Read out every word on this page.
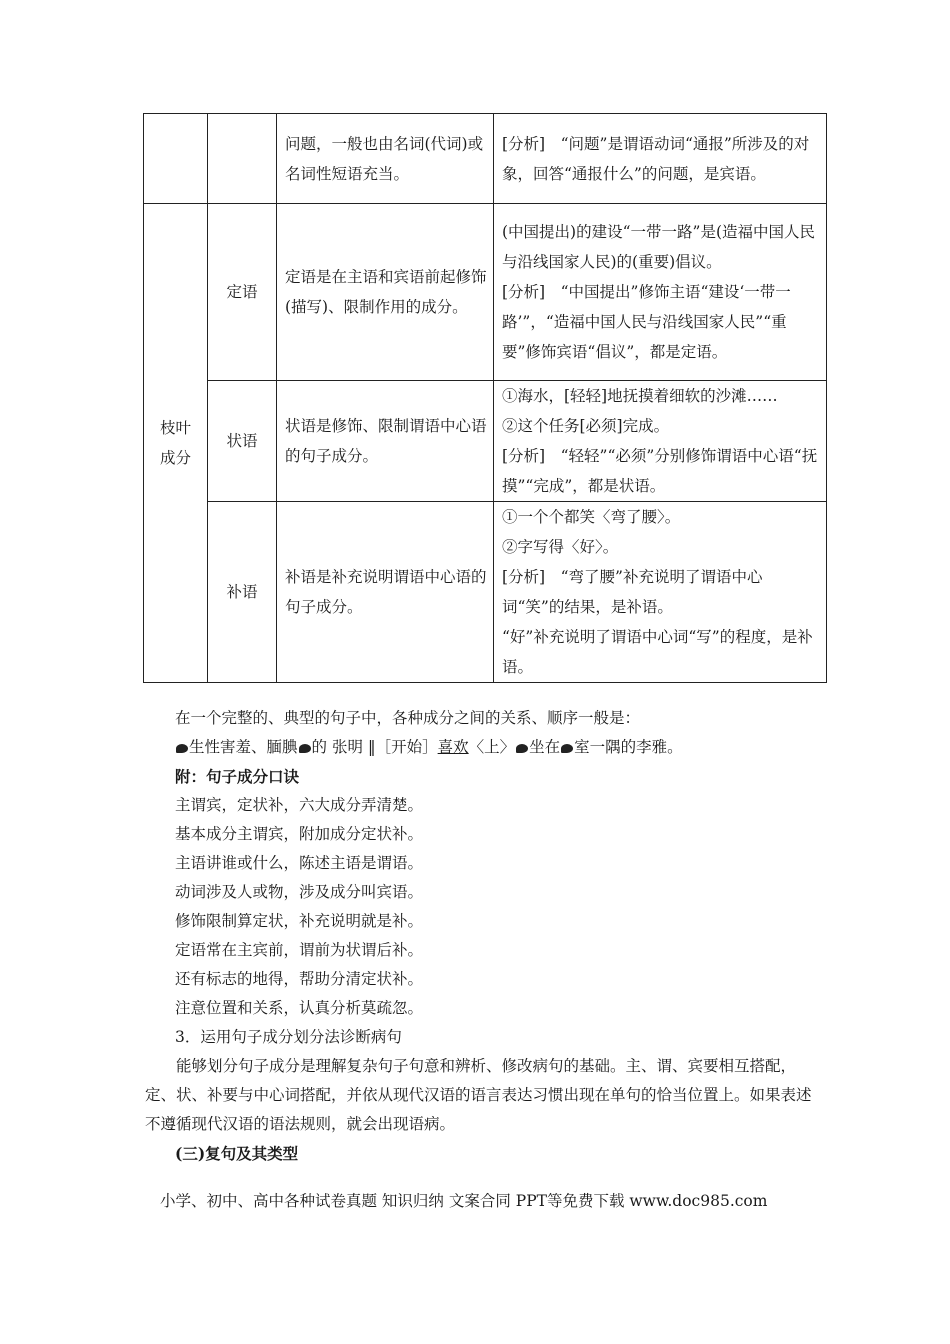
		问题，一般也由名词(代词)或名词性短语充当。	[分析]　“问题”是谓语动词“通报”所涉及的对象，回答“通报什么”的问题，是宾语。

枝叶成分	定语	定语是在主语和宾语前起修饰(描写)、限制作用的成分。	(中国提出)的建设“一带一路”是(造福中国人民与沿线国家人民)的(重要)倡议。
[分析]　“中国提出”修饰主语“建设‘一带一路’”，“造福中国人民与沿线国家人民”“重要”修饰宾语“倡议”，都是定语。

	状语	状语是修饰、限制谓语中心语的句子成分。	①海水，[轻轻]地抚摸着细软的沙滩……
②这个任务[必须]完成。
[分析]　“轻轻”“必须”分别修饰谓语中心语“抚摸”“完成”，都是状语。

	补语	补语是补充说明谓语中心语的句子成分。	①一个个都笑〈弯了腰〉。
②字写得〈好〉。
[分析]　“弯了腰”补充说明了谓语中心词“笑”的结果，是补语。
“好”补充说明了谓语中心词“写”的程度，是补语。
在一个完整的、典型的句子中，各种成分之间的关系、顺序一般是：
生性害羞、腼腆 的 张明 ‖［开始］喜欢〈上〉 坐在 室一隅的李雅。
附：句子成分口诀
主谓宾，定状补，六大成分弄清楚。
基本成分主谓宾，附加成分定状补。
主语讲谁或什么，陈述主语是谓语。
动词涉及人或物，涉及成分叫宾语。
修饰限制算定状，补充说明就是补。
定语常在主宾前，谓前为状谓后补。
还有标志的地得，帮助分清定状补。
注意位置和关系，认真分析莫疏忽。
3．运用句子成分划分法诊断病句
能够划分句子成分是理解复杂句子句意和辨析、修改病句的基础。主、谓、宾要相互搭配，定、状、补要与中心词搭配，并依从现代汉语的语言表达习惯出现在单句的恰当位置上。如果表述不遵循现代汉语的语法规则，就会出现语病。
(三)复句及其类型
小学、初中、高中各种试卷真题 知识归纳 文案合同 PPT等免费下载 www.doc985.com
